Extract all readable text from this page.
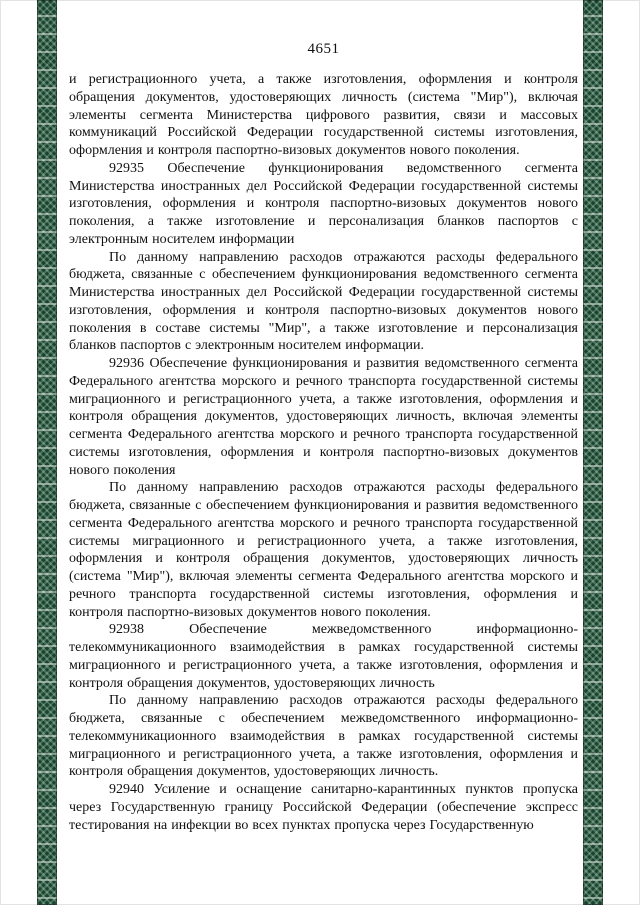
4651

и регистрационного учета, а также изготовления, оформления и контроля обращения документов, удостоверяющих личность (система "Мир"), включая элементы сегмента Министерства цифрового развития, связи и массовых коммуникаций Российской Федерации государственной системы изготовления, оформления и контроля паспортно-визовых документов нового поколения.

92935 Обеспечение функционирования ведомственного сегмента Министерства иностранных дел Российской Федерации государственной системы изготовления, оформления и контроля паспортно-визовых документов нового поколения, а также изготовление и персонализация бланков паспортов с электронным носителем информации

По данному направлению расходов отражаются расходы федерального бюджета, связанные с обеспечением функционирования ведомственного сегмента Министерства иностранных дел Российской Федерации государственной системы изготовления, оформления и контроля паспортно-визовых документов нового поколения в составе системы "Мир", а также изготовление и персонализация бланков паспортов с электронным носителем информации.

92936 Обеспечение функционирования и развития ведомственного сегмента Федерального агентства морского и речного транспорта государственной системы миграционного и регистрационного учета, а также изготовления, оформления и контроля обращения документов, удостоверяющих личность, включая элементы сегмента Федерального агентства морского и речного транспорта государственной системы изготовления, оформления и контроля паспортно-визовых документов нового поколения

По данному направлению расходов отражаются расходы федерального бюджета, связанные с обеспечением функционирования и развития ведомственного сегмента Федерального агентства морского и речного транспорта государственной системы миграционного и регистрационного учета, а также изготовления, оформления и контроля обращения документов, удостоверяющих личность (система "Мир"), включая элементы сегмента Федерального агентства морского и речного транспорта государственной системы изготовления, оформления и контроля паспортно-визовых документов нового поколения.

92938 Обеспечение межведомственного информационно-телекоммуникационного взаимодействия в рамках государственной системы миграционного и регистрационного учета, а также изготовления, оформления и контроля обращения документов, удостоверяющих личность

По данному направлению расходов отражаются расходы федерального бюджета, связанные с обеспечением межведомственного информационно-телекоммуникационного взаимодействия в рамках государственной системы миграционного и регистрационного учета, а также изготовления, оформления и контроля обращения документов, удостоверяющих личность.

92940 Усиление и оснащение санитарно-карантинных пунктов пропуска через Государственную границу Российской Федерации (обеспечение экспресс тестирования на инфекции во всех пунктах пропуска через Государственную
